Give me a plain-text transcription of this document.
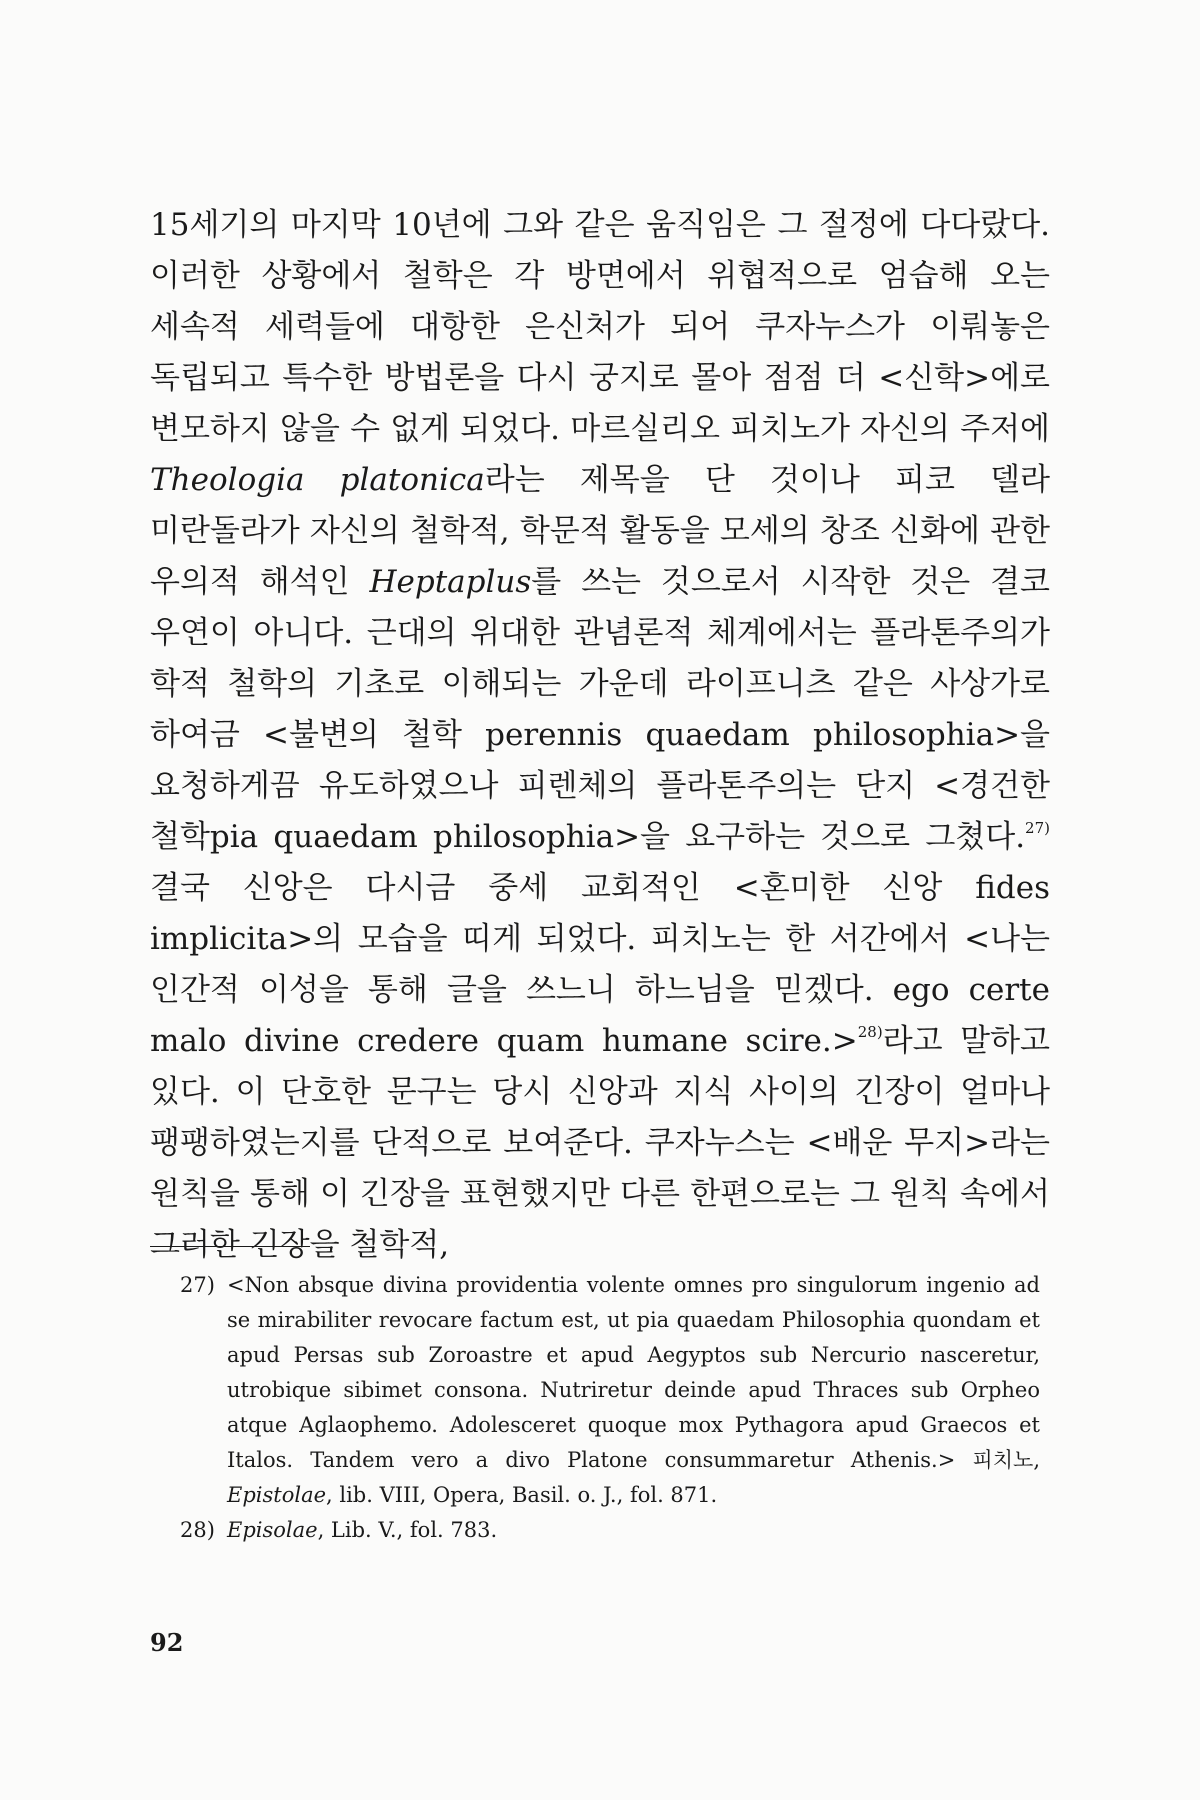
15세기의 마지막 10년에 그와 같은 움직임은 그 절정에 다다랐다. 이러한 상황에서 철학은 각 방면에서 위협적으로 엄습해 오는 세속적 세력들에 대항한 은신처가 되어 쿠자누스가 이뤄놓은 독립되고 특수한 방법론을 다시 궁지로 몰아 점점 더 <신학>에로 변모하지 않을 수 없게 되었다. 마르실리오 피치노가 자신의 주저에 Theologia platonica라는 제목을 단 것이나 피코 델라 미란돌라가 자신의 철학적, 학문적 활동을 모세의 창조 신화에 관한 우의적 해석인 Heptaplus를 쓰는 것으로서 시작한 것은 결코 우연이 아니다. 근대의 위대한 관념론적 체계에서는 플라톤주의가 학적 철학의 기초로 이해되는 가운데 라이프니츠 같은 사상가로 하여금 <불변의 철학 perennis quaedam philosophia>을 요청하게끔 유도하였으나 피렌체의 플라톤주의는 단지 <경건한 철학pia quaedam philosophia>을 요구하는 것으로 그쳤다.$^{27)}$ 결국 신앙은 다시금 중세 교회적인 <혼미한 신앙 fides implicita>의 모습을 띠게 되었다. 피치노는 한 서간에서 <나는 인간적 이성을 통해 글을 쓰느니 하느님을 믿겠다. ego certe malo divine credere quam humane scire.>$^{28)}$라고 말하고 있다. 이 단호한 문구는 당시 신앙과 지식 사이의 긴장이 얼마나 팽팽하였는지를 단적으로 보여준다. 쿠자누스는 <배운 무지>라는 원칙을 통해 이 긴장을 표현했지만 다른 한편으로는 그 원칙 속에서 그러한 긴장을 철학적,
27) <Non absque divina providentia volente omnes pro singulorum ingenio ad se mirabiliter revocare factum est, ut pia quaedam Philosophia quondam et apud Persas sub Zoroastre et apud Aegyptos sub Nercurio nasceretur, utrobique sibimet consona. Nutriretur deinde apud Thraces sub Orpheo atque Aglaophemo. Adolesceret quoque mox Pythagora apud Graecos et Italos. Tandem vero a divo Platone consummaretur Athenis.> 피치노, Epistolae, lib. VIII, Opera, Basil. o. J., fol. 871.
28) Episolae, Lib. V., fol. 783.
92
